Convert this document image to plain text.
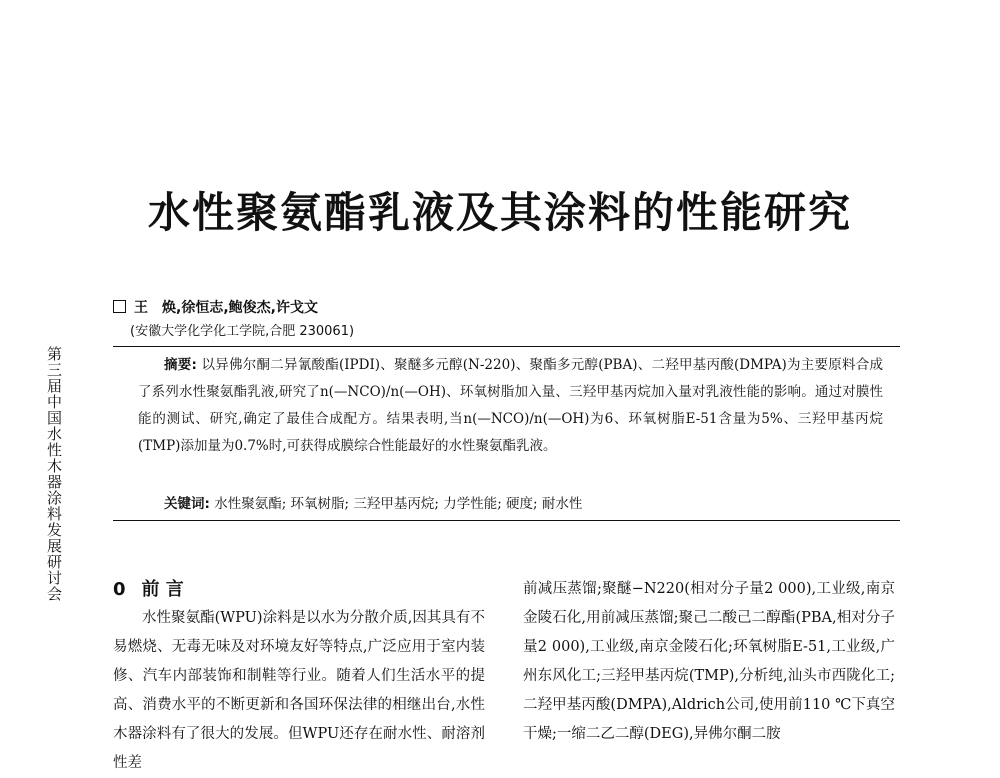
第三届中国水性木器涂料发展研讨会
水性聚氨酯乳液及其涂料的性能研究
王　焕,徐恒志,鲍俊杰,许戈文
(安徽大学化学化工学院,合肥 230061)
摘要: 以异佛尔酮二异氰酸酯(IPDI)、聚醚多元醇(N-220)、聚酯多元醇(PBA)、二羟甲基丙酸(DMPA)为主要原料合成了系列水性聚氨酯乳液,研究了n(—NCO)/n(—OH)、环氧树脂加入量、三羟甲基丙烷加入量对乳液性能的影响。通过对膜性能的测试、研究,确定了最佳合成配方。结果表明,当n(—NCO)/n(—OH)为6、环氧树脂E-51含量为5%、三羟甲基丙烷(TMP)添加量为0.7%时,可获得成膜综合性能最好的水性聚氨酯乳液。
关键词: 水性聚氨酯; 环氧树脂; 三羟甲基丙烷; 力学性能; 硬度; 耐水性
0 前 言
水性聚氨酯(WPU)涂料是以水为分散介质,因其具有不易燃烧、无毒无味及对环境友好等特点,广泛应用于室内装修、汽车内部装饰和制鞋等行业。随着人们生活水平的提高、消费水平的不断更新和各国环保法律的相继出台,水性木器涂料有了很大的发展。但WPU还存在耐水性、耐溶剂性差
前减压蒸馏;聚醚−N220(相对分子量2 000),工业级,南京金陵石化,用前减压蒸馏;聚己二酸己二醇酯(PBA,相对分子量2 000),工业级,南京金陵石化;环氧树脂E-51,工业级,广州东风化工;三羟甲基丙烷(TMP),分析纯,汕头市西陇化工;二羟甲基丙酸(DMPA),Aldrich公司,使用前110 ℃下真空干燥;一缩二乙二醇(DEG),异佛尔酮二胺
